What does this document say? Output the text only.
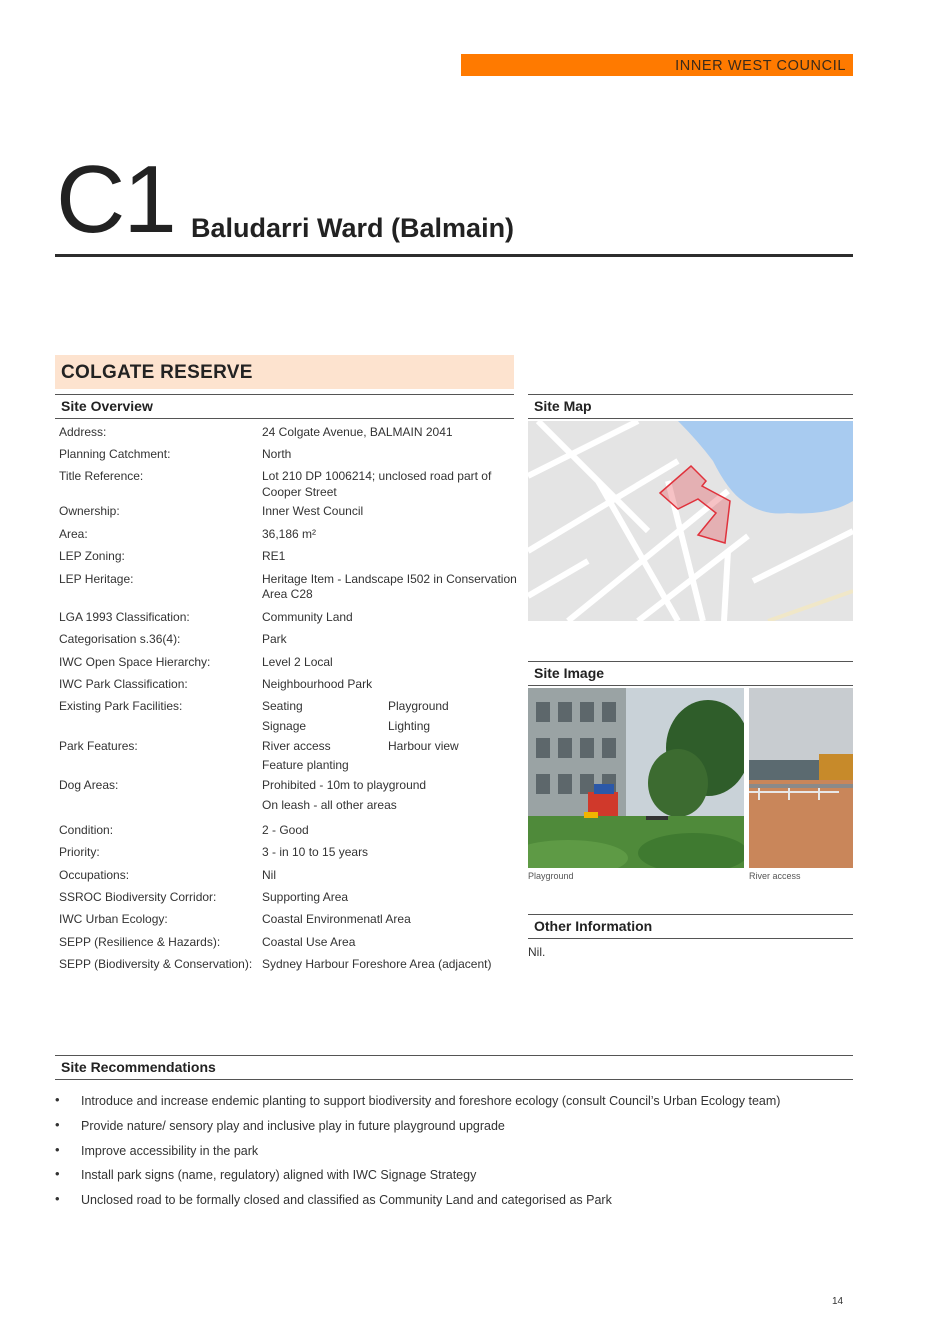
INNER WEST COUNCIL
C1 Baludarri Ward (Balmain)
COLGATE RESERVE
Site Overview
Address:	24 Colgate Avenue, BALMAIN 2041
Planning Catchment:	North
Title Reference:	Lot 210 DP 1006214; unclosed road part of
Cooper Street
Ownership:	Inner West Council
Area:	36,186 m²
LEP Zoning:	RE1
LEP Heritage:	Heritage Item - Landscape I502 in Conservation
Area C28
LGA 1993 Classification:	Community Land
Categorisation s.36(4):	Park
IWC Open Space Hierarchy:	Level 2 Local
IWC Park Classification:	Neighbourhood Park
Existing Park Facilities:	Seating	Playground
Signage	Lighting
Park Features:	River access	Harbour view
Feature planting
Dog Areas:	Prohibited - 10m to playground
On leash - all other areas
Condition:	2 - Good
Priority:	3 - in 10 to 15 years
Occupations:	Nil
SSROC Biodiversity Corridor:	Supporting Area
IWC Urban Ecology:	Coastal Environmenatl Area
SEPP (Resilience & Hazards):	Coastal Use Area
SEPP (Biodiversity & Conservation): Sydney Harbour Foreshore Area (adjacent)
Site Map
Site Image
Playground	River access
Other Information
Nil.
Site Recommendations
• Introduce and increase endemic planting to support biodiversity and foreshore ecology (consult Council’s Urban Ecology team)
• Provide nature/ sensory play and inclusive play in future playground upgrade
• Improve accessibility in the park
• Install park signs (name, regulatory) aligned with IWC Signage Strategy
• Unclosed road to be formally closed and classified as Community Land and categorised as Park
14
